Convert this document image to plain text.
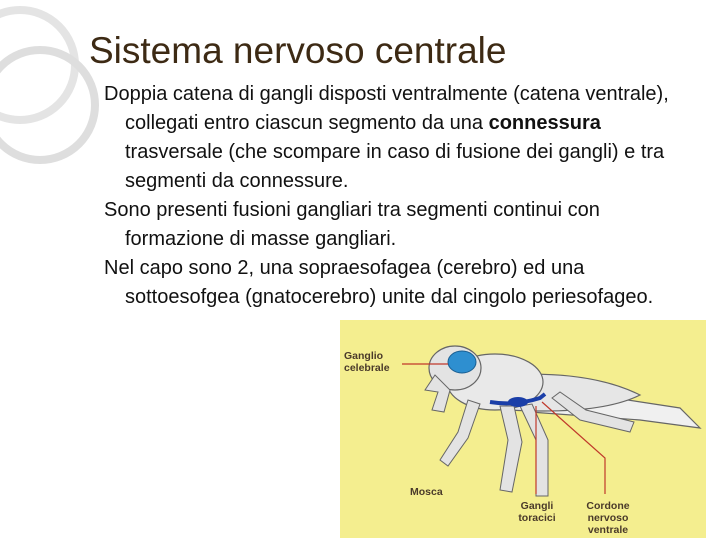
Sistema nervoso centrale

Doppia catena di gangli disposti ventralmente (catena ventrale), collegati entro ciascun segmento da una connessura trasversale (che scompare in caso di fusione dei gangli) e tra segmenti da connessure.

Sono presenti fusioni gangliari tra segmenti continui con formazione di masse gangliari.

Nel capo sono 2, una sopraesofagea (cerebro) ed una sottoesofgea (gnatocerebro) unite dal cingolo periesofageo.

Ganglio
celebrale
Mosca
Gangli
toracici
Cordone
nervoso
ventrale
